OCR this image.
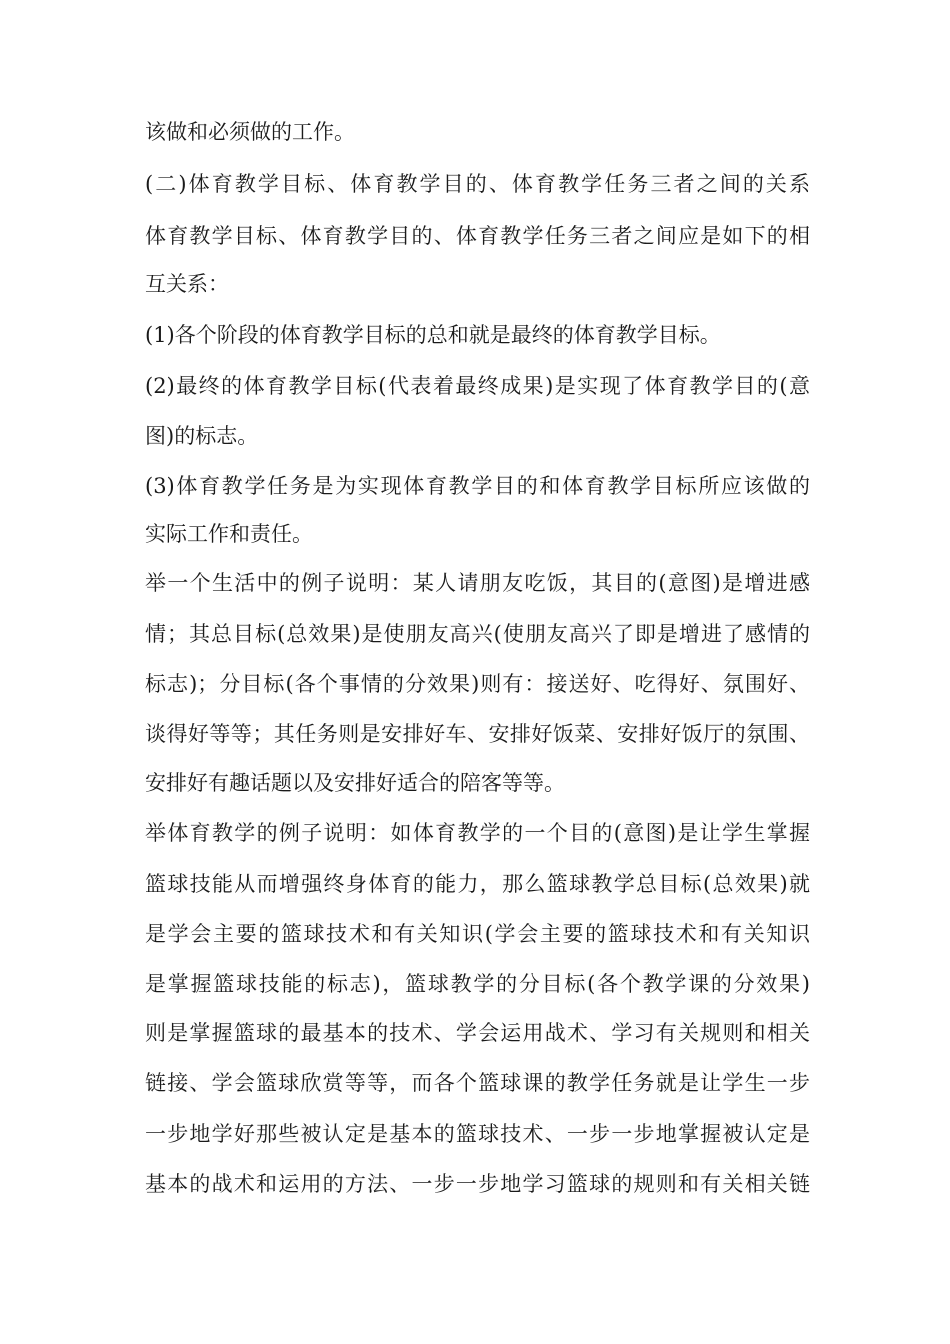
该做和必须做的工作。
(二)体育教学目标、体育教学目的、体育教学任务三者之间的关系
体育教学目标、体育教学目的、体育教学任务三者之间应是如下的相
互关系：
(1)各个阶段的体育教学目标的总和就是最终的体育教学目标。
(2)最终的体育教学目标(代表着最终成果)是实现了体育教学目的(意
图)的标志。
(3)体育教学任务是为实现体育教学目的和体育教学目标所应该做的
实际工作和责任。
举一个生活中的例子说明：某人请朋友吃饭，其目的(意图)是增进感
情；其总目标(总效果)是使朋友高兴(使朋友高兴了即是增进了感情的
标志)；分目标(各个事情的分效果)则有：接送好、吃得好、氛围好、
谈得好等等；其任务则是安排好车、安排好饭菜、安排好饭厅的氛围、
安排好有趣话题以及安排好适合的陪客等等。
举体育教学的例子说明：如体育教学的一个目的(意图)是让学生掌握
篮球技能从而增强终身体育的能力，那么篮球教学总目标(总效果)就
是学会主要的篮球技术和有关知识(学会主要的篮球技术和有关知识
是掌握篮球技能的标志)，篮球教学的分目标(各个教学课的分效果)
则是掌握篮球的最基本的技术、学会运用战术、学习有关规则和相关
链接、学会篮球欣赏等等，而各个篮球课的教学任务就是让学生一步
一步地学好那些被认定是基本的篮球技术、一步一步地掌握被认定是
基本的战术和运用的方法、一步一步地学习篮球的规则和有关相关链
